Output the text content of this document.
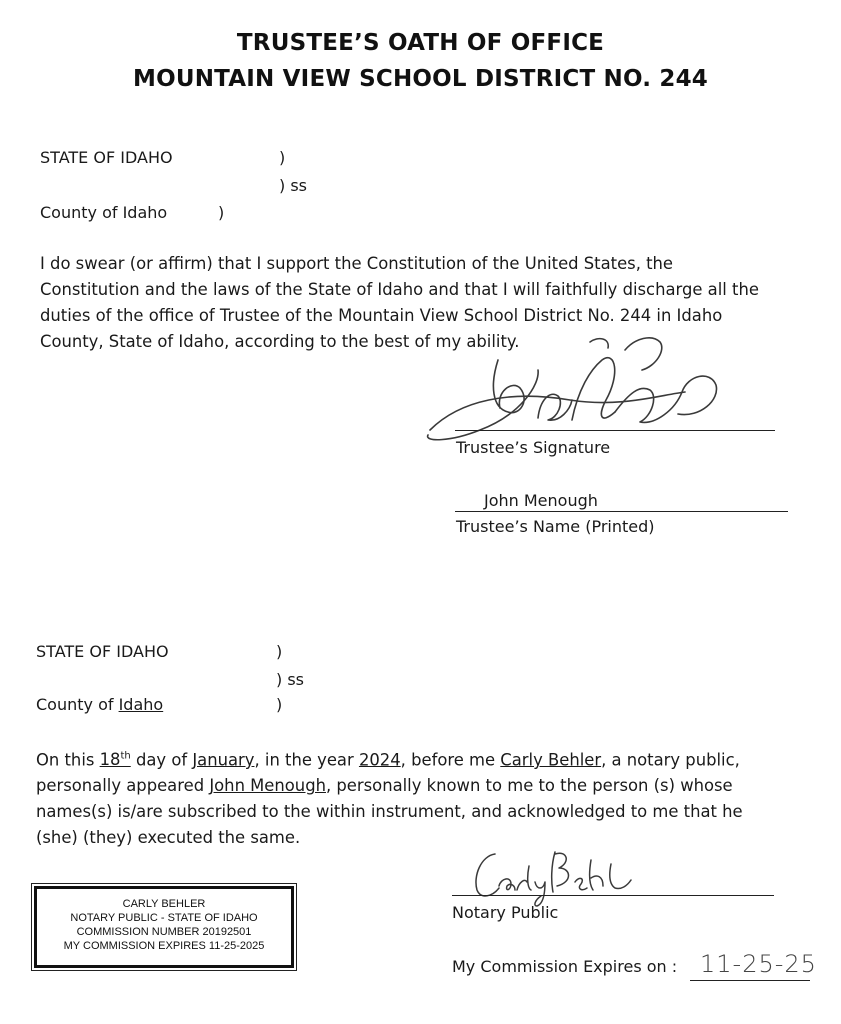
TRUSTEE’S OATH OF OFFICE
MOUNTAIN VIEW SCHOOL DISTRICT NO. 244
STATE OF IDAHO	)
) ss
County of Idaho	)
I do swear (or affirm) that I support the Constitution of the United States, the
Constitution and the laws of the State of Idaho and that I will faithfully discharge all the
duties of the office of Trustee of the Mountain View School District No. 244 in Idaho
County, State of Idaho, according to the best of my ability.
Trustee’s Signature
John Menough
Trustee’s Name (Printed)
STATE OF IDAHO	)
) ss
County of Idaho	)
On this 18th day of January, in the year 2024, before me Carly Behler, a notary public,
personally appeared John Menough, personally known to me to the person (s) whose
names(s) is/are subscribed to the within instrument, and acknowledged to me that he
(she) (they) executed the same.
CARLY BEHLER
NOTARY PUBLIC - STATE OF IDAHO
COMMISSION NUMBER 20192501
MY COMMISSION EXPIRES 11-25-2025
Notary Public
My Commission Expires on : 11-25-25
